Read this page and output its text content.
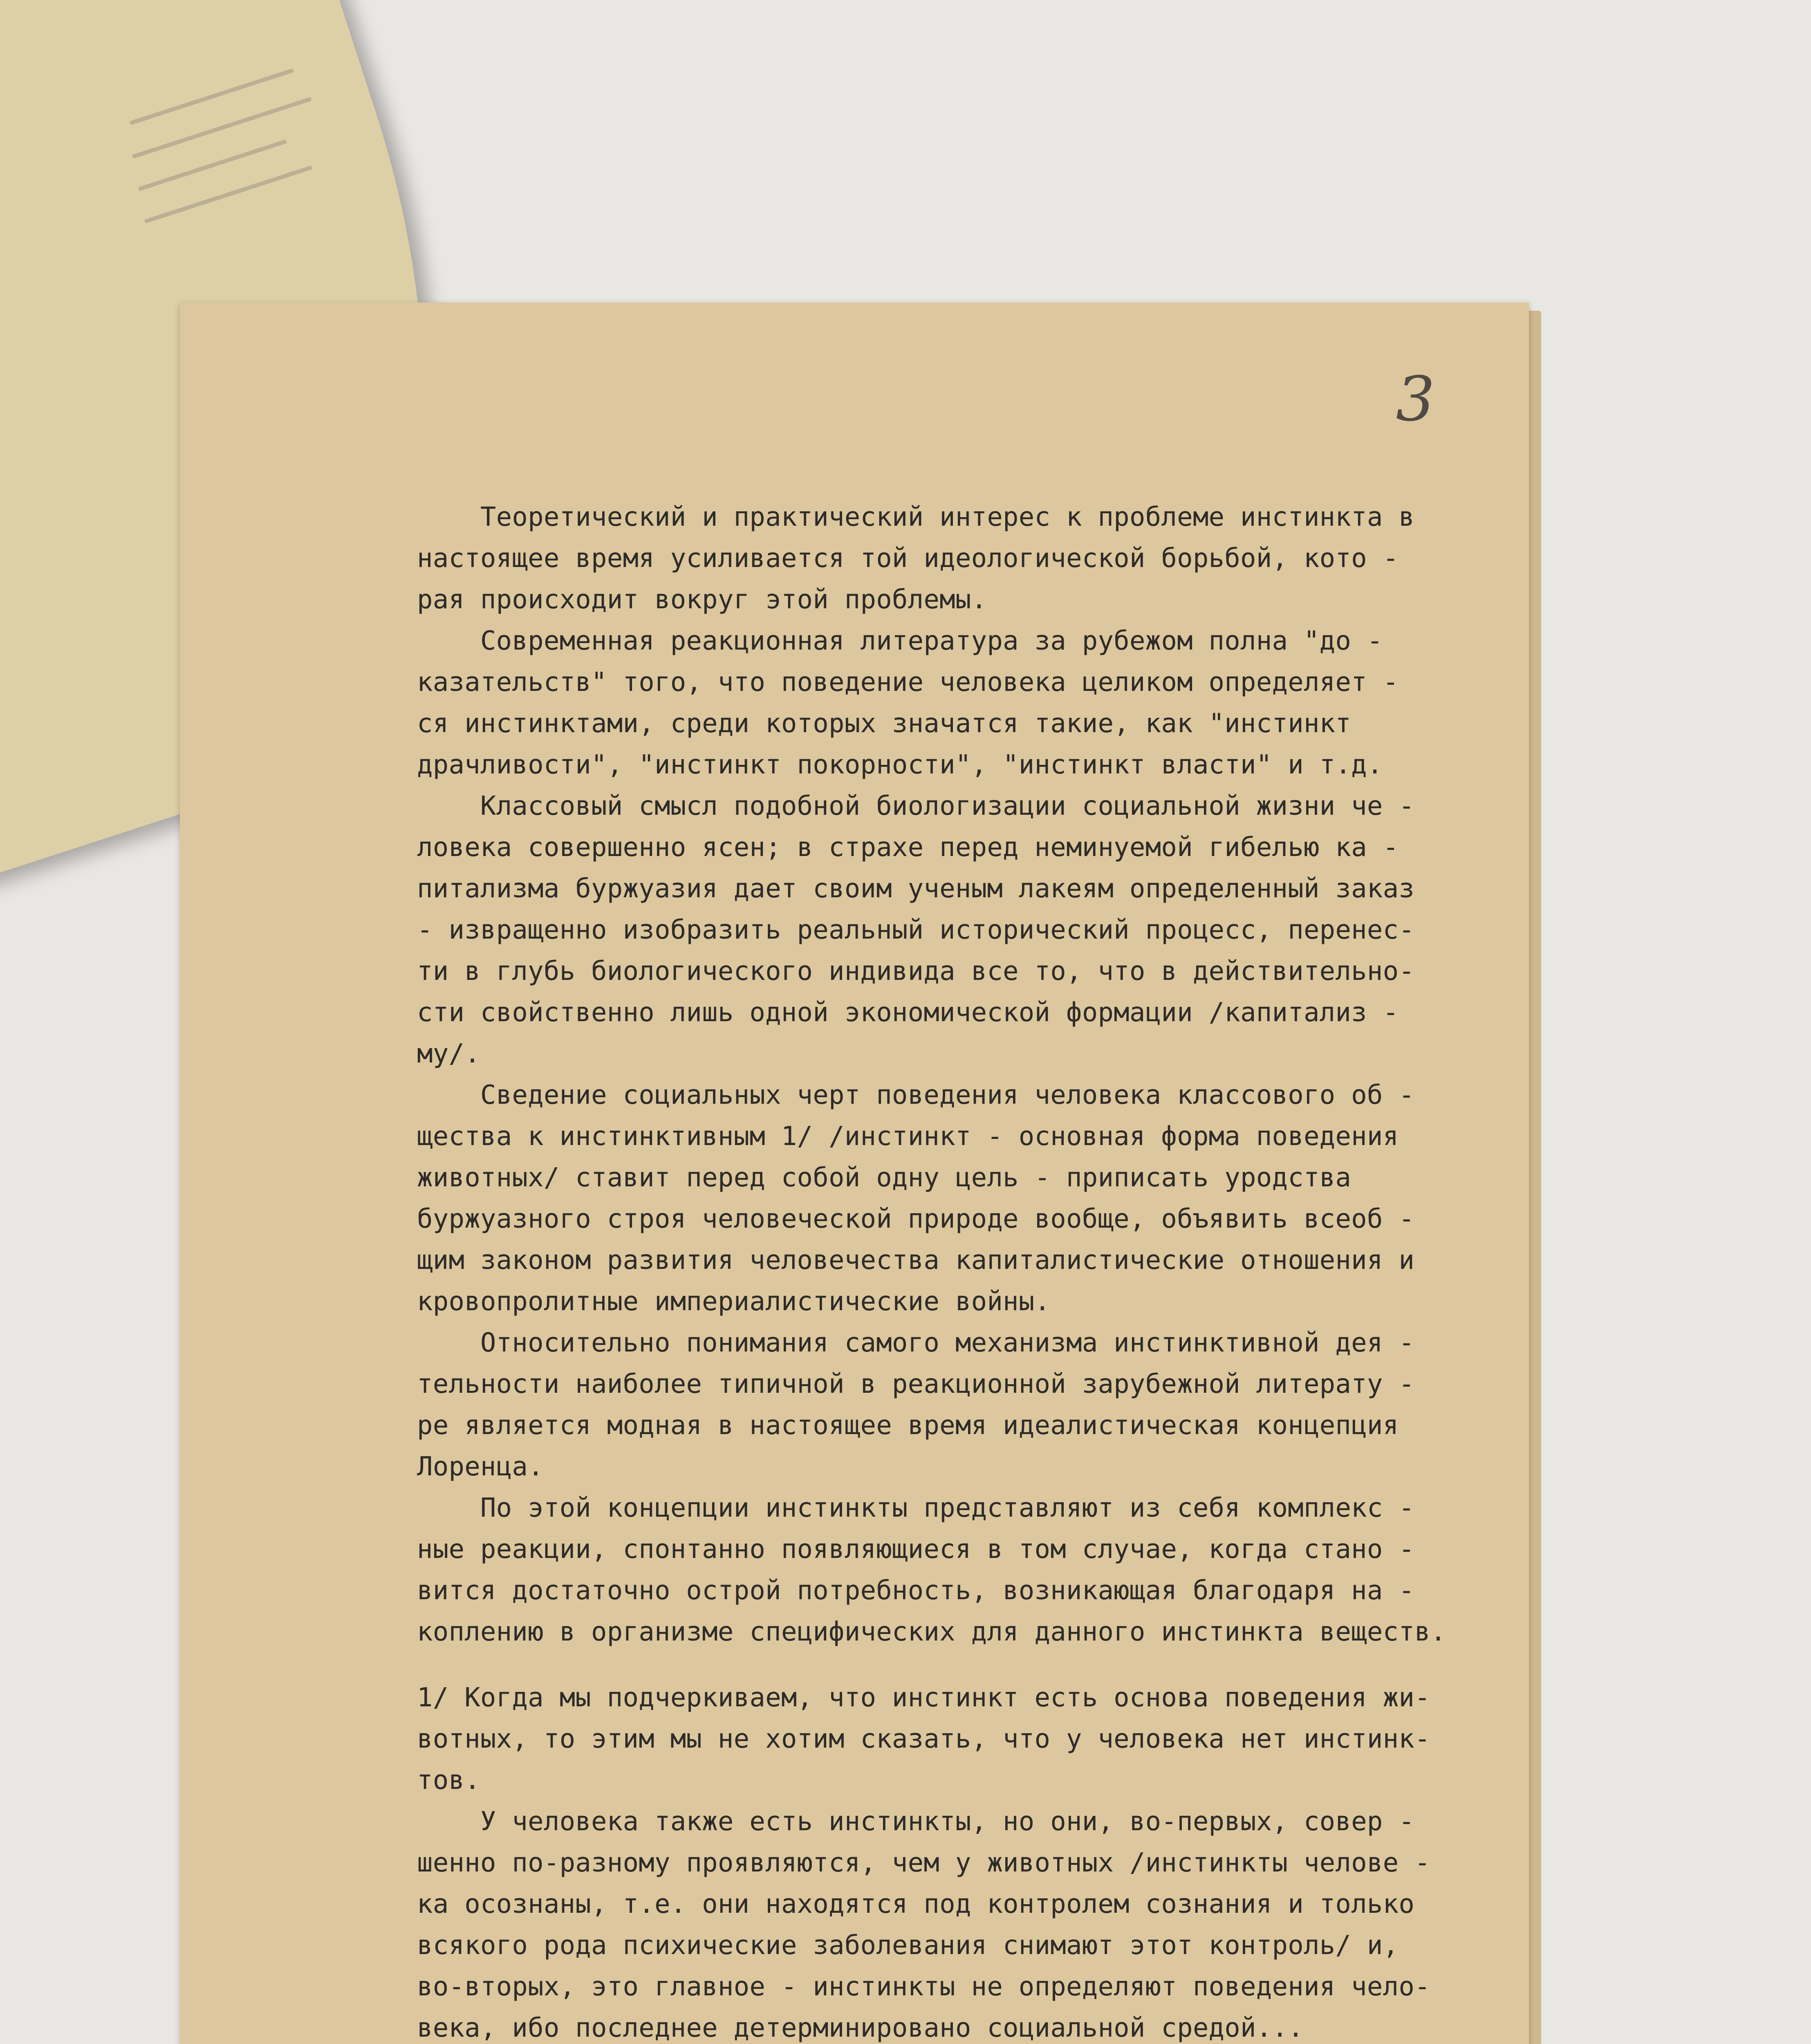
3
Теоретический и практический интерес к проблеме инстинкта в
настоящее время усиливается той идеологической борьбой, кото -
рая происходит вокруг этой проблемы.
Современная реакционная литература за рубежом полна "до -
казательств" того, что поведение человека целиком определяет -
ся инстинктами, среди которых значатся такие, как "инстинкт
драчливости", "инстинкт покорности", "инстинкт власти" и т.д.
Классовый смысл подобной биологизации социальной жизни че -
ловека совершенно ясен; в страхе перед неминуемой гибелью ка -
питализма буржуазия дает своим ученым лакеям определенный заказ
- извращенно изобразить реальный исторический процесс, перенес-
ти в глубь биологического индивида все то, что в действительно-
сти свойственно лишь одной экономической формации /капитализ -
му/.
Сведение социальных черт поведения человека классового об -
щества к инстинктивным 1/ /инстинкт - основная форма поведения
животных/ ставит перед собой одну цель - приписать уродства
буржуазного строя человеческой природе вообще, объявить всеоб -
щим законом развития человечества капиталистические отношения и
кровопролитные империалистические войны.
Относительно понимания самого механизма инстинктивной дея -
тельности наиболее типичной в реакционной зарубежной литерату -
ре является модная в настоящее время идеалистическая концепция
Лоренца.
По этой концепции инстинкты представляют из себя комплекс -
ные реакции, спонтанно появляющиеся в том случае, когда стано -
вится достаточно острой потребность, возникающая благодаря на -
коплению в организме специфических для данного инстинкта веществ.
1/ Когда мы подчеркиваем, что инстинкт есть основа поведения жи-
вотных, то этим мы не хотим сказать, что у человека нет инстинк-
тов.
У человека также есть инстинкты, но они, во-первых, совер -
шенно по-разному проявляются, чем у животных /инстинкты челове -
ка осознаны, т.е. они находятся под контролем сознания и только
всякого рода психические заболевания снимают этот контроль/ и,
во-вторых, это главное - инстинкты не определяют поведения чело-
века, ибо последнее детерминировано социальной средой...
